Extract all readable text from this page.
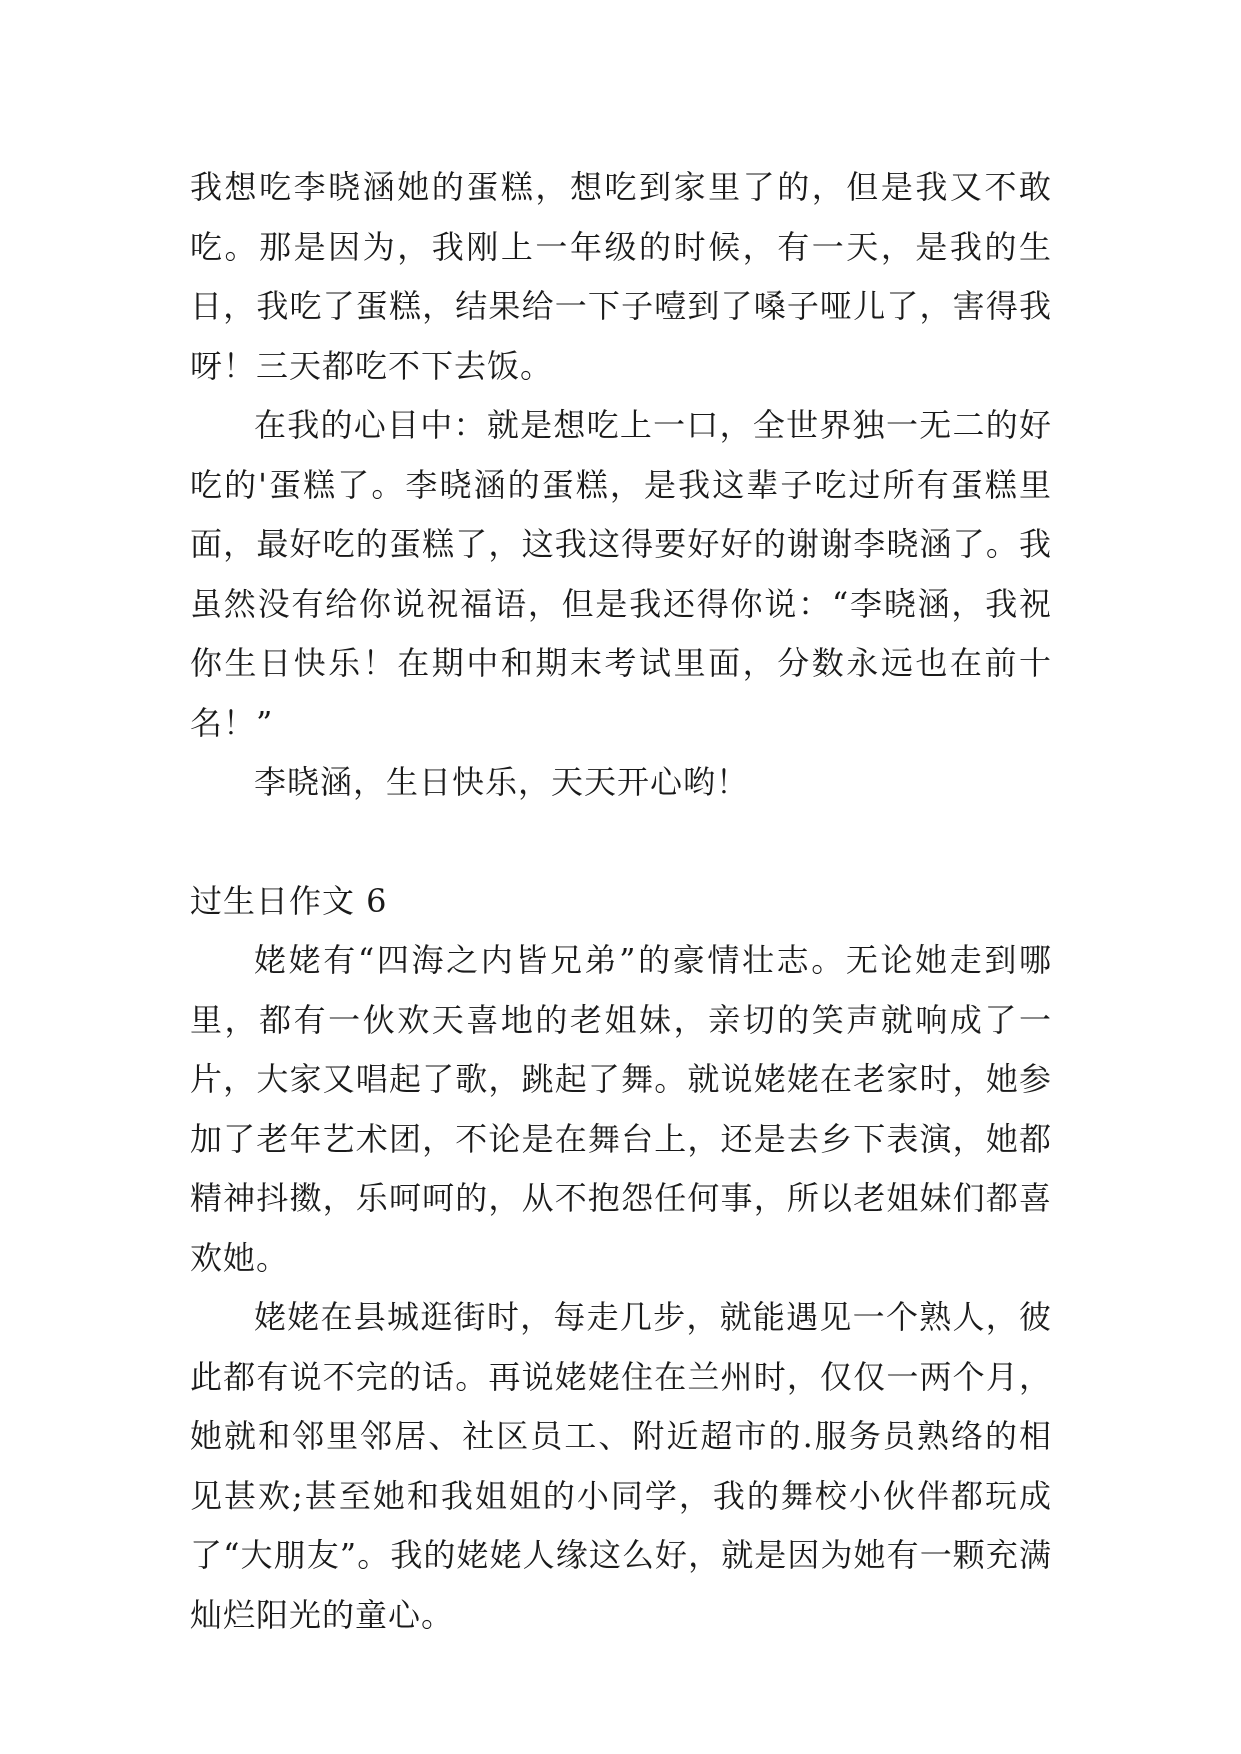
我想吃李晓涵她的蛋糕，想吃到家里了的，但是我又不敢吃。那是因为，我刚上一年级的时候，有一天，是我的生日，我吃了蛋糕，结果给一下子噎到了嗓子哑儿了，害得我呀！三天都吃不下去饭。

在我的心目中：就是想吃上一口，全世界独一无二的好吃的'蛋糕了。李晓涵的蛋糕，是我这辈子吃过所有蛋糕里面，最好吃的蛋糕了，这我这得要好好的谢谢李晓涵了。我虽然没有给你说祝福语，但是我还得你说：“李晓涵，我祝你生日快乐！在期中和期末考试里面，分数永远也在前十名！”

李晓涵，生日快乐，天天开心哟！

过生日作文 6

姥姥有“四海之内皆兄弟”的豪情壮志。无论她走到哪里，都有一伙欢天喜地的老姐妹，亲切的笑声就响成了一片，大家又唱起了歌，跳起了舞。就说姥姥在老家时，她参加了老年艺术团，不论是在舞台上，还是去乡下表演，她都精神抖擞，乐呵呵的，从不抱怨任何事，所以老姐妹们都喜欢她。

姥姥在县城逛街时，每走几步，就能遇见一个熟人，彼此都有说不完的话。再说姥姥住在兰州时，仅仅一两个月，她就和邻里邻居、社区员工、附近超市的.服务员熟络的相见甚欢;甚至她和我姐姐的小同学，我的舞校小伙伴都玩成了“大朋友”。我的姥姥人缘这么好，就是因为她有一颗充满灿烂阳光的童心。
